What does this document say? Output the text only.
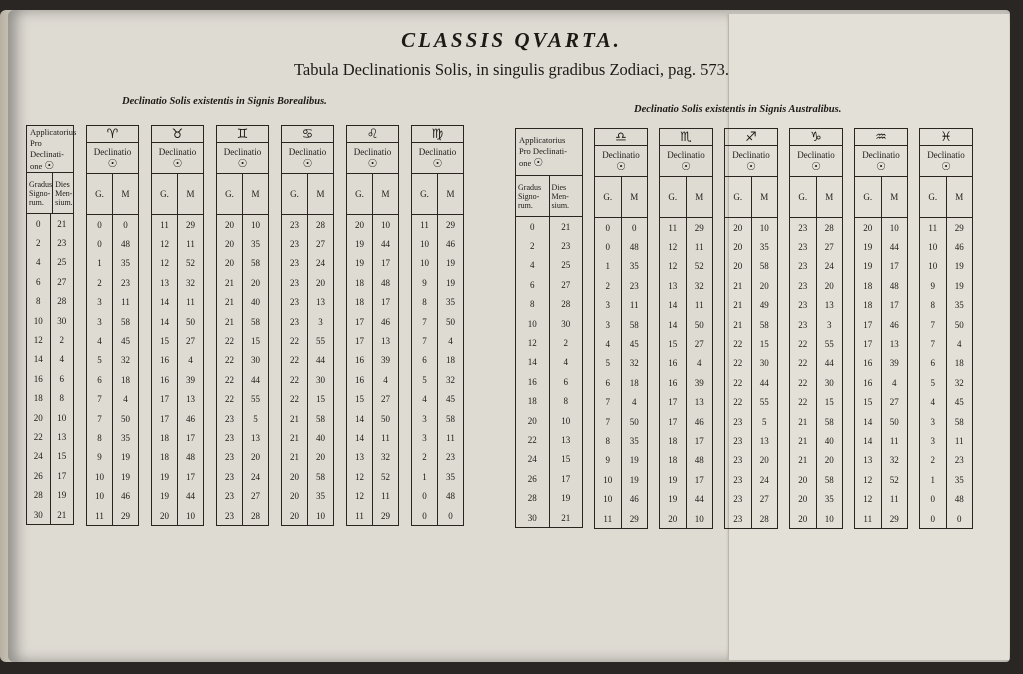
CLASSIS QVARTA.
Tabula Declinationis Solis, in singulis gradibus Zodiaci, pag. 573.
Declinatio Solis existentis in Signis Borealibus.
Declinatio Solis existentis in Signis Australibus.
Applicatorius
Pro Declinati-
one ☉
Gradus Signo-rum.
Dies Men-sium.
0	21
2	23
4	25
6	27
8	28
10	30
12	2
14	4
16	6
18	8
20	10
22	13
24	15
26	17
28	19
30	21
♈
Declinatio
☉
G.	M
0	0
0	48
1	35
2	23
3	11
3	58
4	45
5	32
6	18
7	4
7	50
8	35
9	19
10	19
10	46
11	29
♉
Declinatio
☉
G.	M
11	29
12	11
12	52
13	32
14	11
14	50
15	27
16	4
16	39
17	13
17	46
18	17
18	48
19	17
19	44
20	10
♊
Declinatio
☉
G.	M
20	10
20	35
20	58
21	20
21	40
21	58
22	15
22	30
22	44
22	55
23	5
23	13
23	20
23	24
23	27
23	28
♋
Declinatio
☉
G.	M
23	28
23	27
23	24
23	20
23	13
23	3
22	55
22	44
22	30
22	15
21	58
21	40
21	20
20	58
20	35
20	10
♌
Declinatio
☉
G.	M
20	10
19	44
19	17
18	48
18	17
17	46
17	13
16	39
16	4
15	27
14	50
14	11
13	32
12	52
12	11
11	29
♍
Declinatio
☉
G.	M
11	29
10	46
10	19
9	19
8	35
7	50
7	4
6	18
5	32
4	45
3	58
3	11
2	23
1	35
0	48
0	0
Applicatorius
Pro Declinati-
one ☉
Gradus Signo-rum.
Dies Men-sium.
0	21
2	23
4	25
6	27
8	28
10	30
12	2
14	4
16	6
18	8
20	10
22	13
24	15
26	17
28	19
30	21
♎
Declinatio
☉
G.	M
0	0
0	48
1	35
2	23
3	11
3	58
4	45
5	32
6	18
7	4
7	50
8	35
9	19
10	19
10	46
11	29
♏
Declinatio
☉
G.	M
11	29
12	11
12	52
13	32
14	11
14	50
15	27
16	4
16	39
17	13
17	46
18	17
18	48
19	17
19	44
20	10
♐
Declinatio
☉
G.	M
20	10
20	35
20	58
21	20
21	49
21	58
22	15
22	30
22	44
22	55
23	5
23	13
23	20
23	24
23	27
23	28
♑
Declinatio
☉
G.	M
23	28
23	27
23	24
23	20
23	13
23	3
22	55
22	44
22	30
22	15
21	58
21	40
21	20
20	58
20	35
20	10
♒
Declinatio
☉
G.	M
20	10
19	44
19	17
18	48
18	17
17	46
17	13
16	39
16	4
15	27
14	50
14	11
13	32
12	52
12	11
11	29
♓
Declinatio
☉
G.	M
11	29
10	46
10	19
9	19
8	35
7	50
7	4
6	18
5	32
4	45
3	58
3	11
2	23
1	35
0	48
0	0
